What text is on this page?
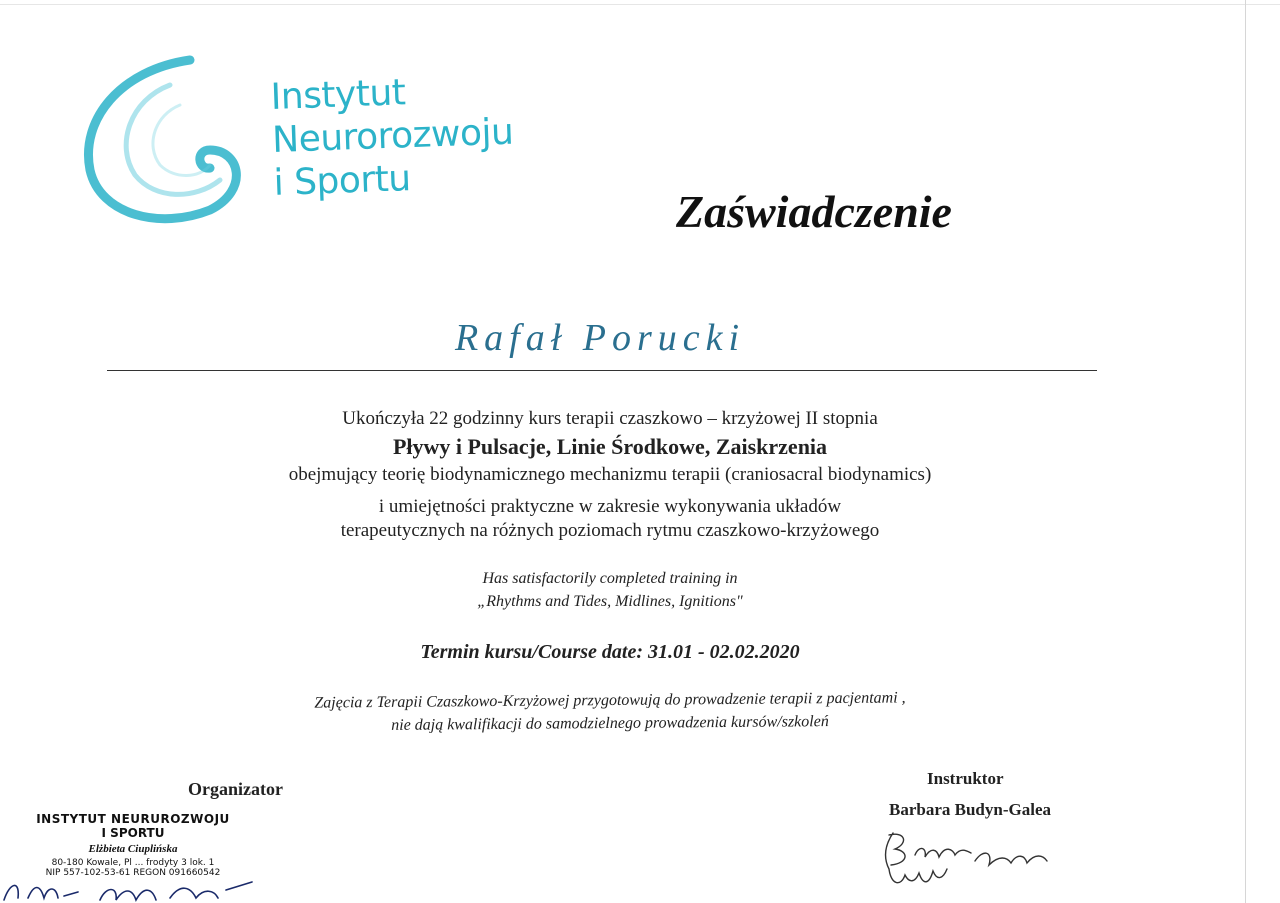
Instytut
Neurorozwoju
i Sportu
Zaświadczenie
Rafał Porucki
Ukończyła 22 godzinny kurs terapii czaszkowo – krzyżowej II stopnia
Pływy i Pulsacje, Linie Środkowe, Zaiskrzenia
obejmujący teorię biodynamicznego mechanizmu terapii (craniosacral biodynamics)
i umiejętności praktyczne w zakresie wykonywania układów
terapeutycznych na różnych poziomach rytmu czaszkowo-krzyżowego
Has satisfactorily completed training in
„Rhythms and Tides, Midlines, Ignitions"
Termin kursu/Course date: 31.01 - 02.02.2020
Zajęcia z Terapii Czaszkowo-Krzyżowej przygotowują do prowadzenie terapii z pacjentami ,
nie dają kwalifikacji do samodzielnego prowadzenia kursów/szkoleń
Organizator
INSTYTUT NEURUROZWOJU
I SPORTU
Elżbieta Ciuplińska
80-180 Kowale, Pl ... frodyty 3 lok. 1
NIP 557-102-53-61 REGON 091660542
Instruktor
Barbara Budyn-Galea
